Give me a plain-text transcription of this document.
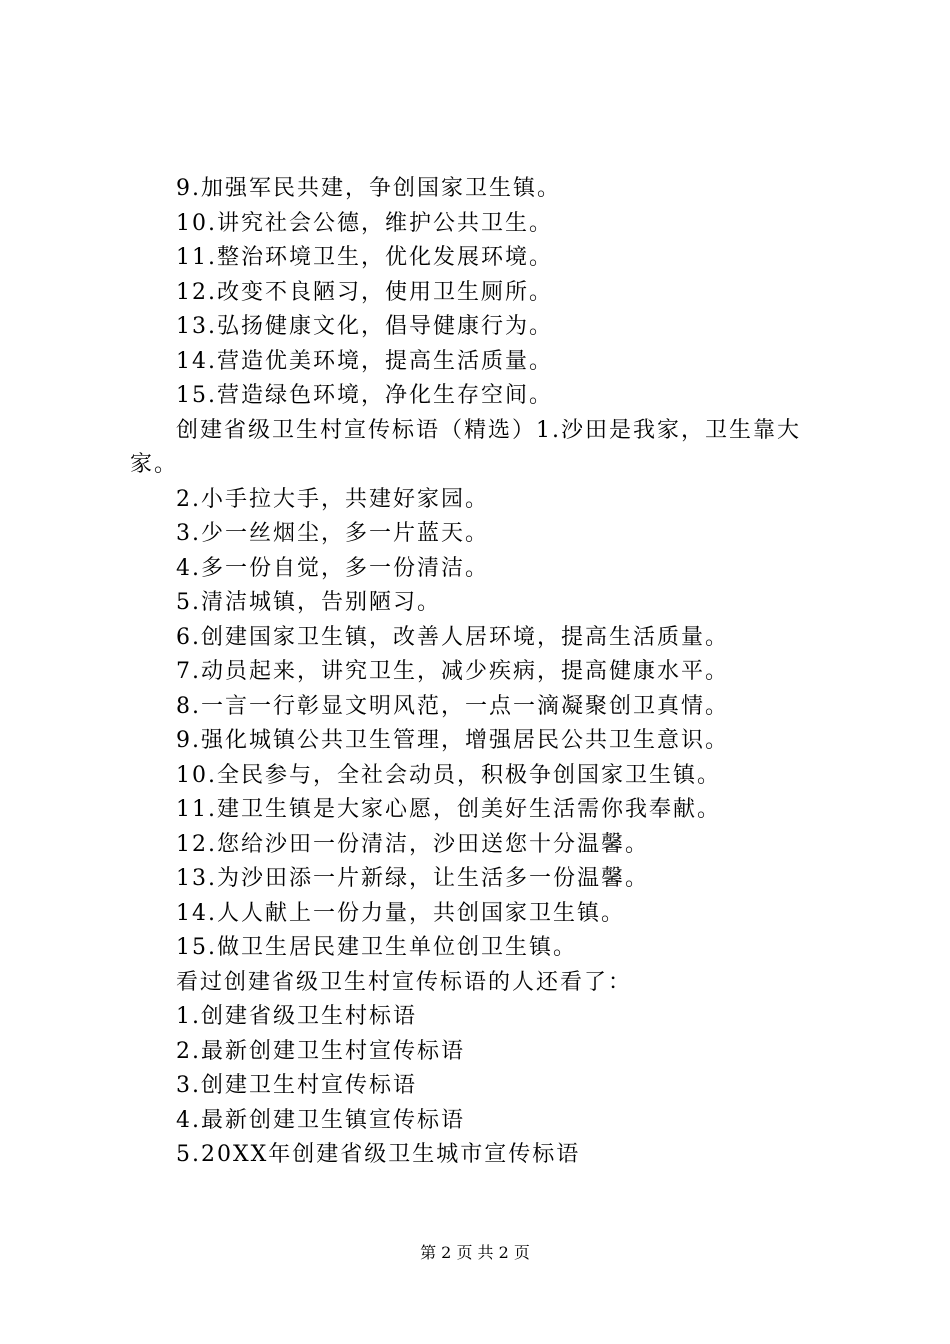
9.加强军民共建，争创国家卫生镇。
10.讲究社会公德，维护公共卫生。
11.整治环境卫生，优化发展环境。
12.改变不良陋习，使用卫生厕所。
13.弘扬健康文化，倡导健康行为。
14.营造优美环境，提高生活质量。
15.营造绿色环境，净化生存空间。
创建省级卫生村宣传标语（精选）1.沙田是我家，卫生靠大家。
2.小手拉大手，共建好家园。
3.少一丝烟尘，多一片蓝天。
4.多一份自觉，多一份清洁。
5.清洁城镇，告别陋习。
6.创建国家卫生镇，改善人居环境，提高生活质量。
7.动员起来，讲究卫生，减少疾病，提高健康水平。
8.一言一行彰显文明风范，一点一滴凝聚创卫真情。
9.强化城镇公共卫生管理，增强居民公共卫生意识。
10.全民参与，全社会动员，积极争创国家卫生镇。
11.建卫生镇是大家心愿，创美好生活需你我奉献。
12.您给沙田一份清洁，沙田送您十分温馨。
13.为沙田添一片新绿，让生活多一份温馨。
14.人人献上一份力量，共创国家卫生镇。
15.做卫生居民建卫生单位创卫生镇。
看过创建省级卫生村宣传标语的人还看了：
1.创建省级卫生村标语
2.最新创建卫生村宣传标语
3.创建卫生村宣传标语
4.最新创建卫生镇宣传标语
5.20XX年创建省级卫生城市宣传标语
第 2 页 共 2 页
